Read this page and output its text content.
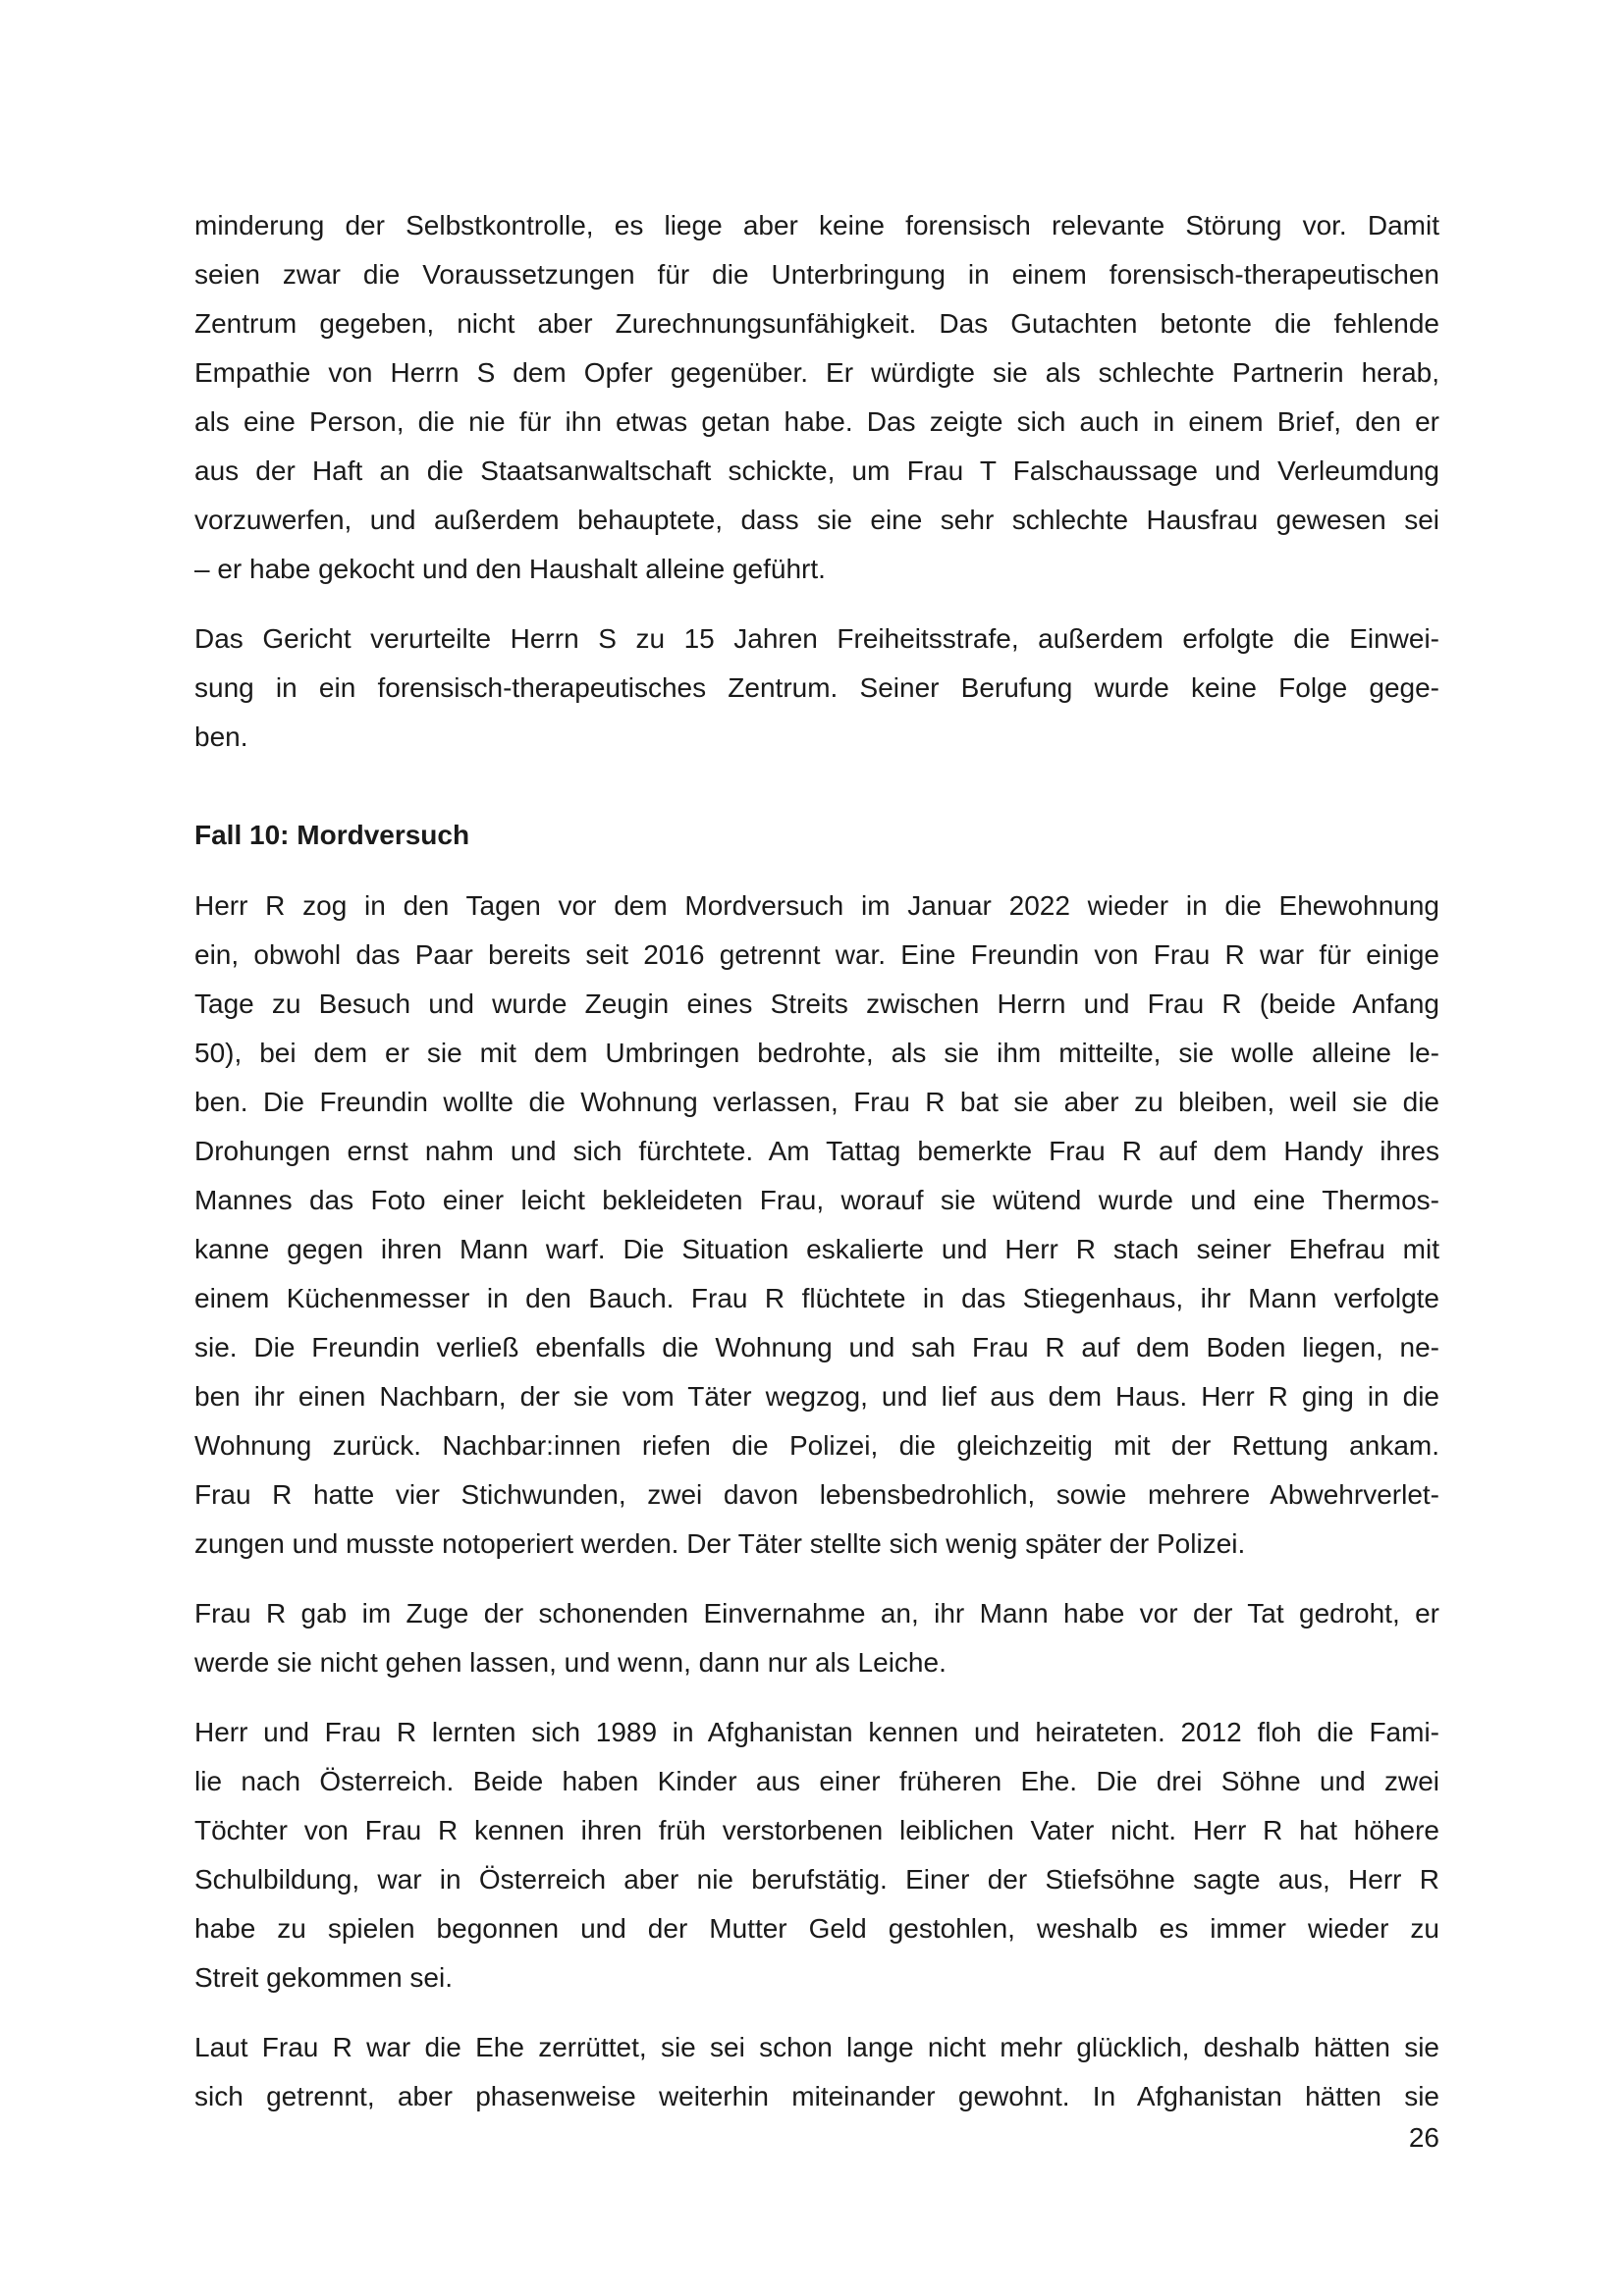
minderung der Selbstkontrolle, es liege aber keine forensisch relevante Störung vor. Damit
seien zwar die Voraussetzungen für die Unterbringung in einem forensisch-therapeutischen
Zentrum gegeben, nicht aber Zurechnungsunfähigkeit. Das Gutachten betonte die fehlende
Empathie von Herrn S dem Opfer gegenüber. Er würdigte sie als schlechte Partnerin herab,
als eine Person, die nie für ihn etwas getan habe. Das zeigte sich auch in einem Brief, den er
aus der Haft an die Staatsanwaltschaft schickte, um Frau T Falschaussage und Verleumdung
vorzuwerfen, und außerdem behauptete, dass sie eine sehr schlechte Hausfrau gewesen sei
– er habe gekocht und den Haushalt alleine geführt.

Das Gericht verurteilte Herrn S zu 15 Jahren Freiheitsstrafe, außerdem erfolgte die Einwei-
sung in ein forensisch-therapeutisches Zentrum. Seiner Berufung wurde keine Folge gege-
ben.

Fall 10: Mordversuch

Herr R zog in den Tagen vor dem Mordversuch im Januar 2022 wieder in die Ehewohnung
ein, obwohl das Paar bereits seit 2016 getrennt war. Eine Freundin von Frau R war für einige
Tage zu Besuch und wurde Zeugin eines Streits zwischen Herrn und Frau R (beide Anfang
50), bei dem er sie mit dem Umbringen bedrohte, als sie ihm mitteilte, sie wolle alleine le-
ben. Die Freundin wollte die Wohnung verlassen, Frau R bat sie aber zu bleiben, weil sie die
Drohungen ernst nahm und sich fürchtete. Am Tattag bemerkte Frau R auf dem Handy ihres
Mannes das Foto einer leicht bekleideten Frau, worauf sie wütend wurde und eine Thermos-
kanne gegen ihren Mann warf. Die Situation eskalierte und Herr R stach seiner Ehefrau mit
einem Küchenmesser in den Bauch. Frau R flüchtete in das Stiegenhaus, ihr Mann verfolgte
sie. Die Freundin verließ ebenfalls die Wohnung und sah Frau R auf dem Boden liegen, ne-
ben ihr einen Nachbarn, der sie vom Täter wegzog, und lief aus dem Haus. Herr R ging in die
Wohnung zurück. Nachbar:innen riefen die Polizei, die gleichzeitig mit der Rettung ankam.
Frau R hatte vier Stichwunden, zwei davon lebensbedrohlich, sowie mehrere Abwehrverlet-
zungen und musste notoperiert werden. Der Täter stellte sich wenig später der Polizei.

Frau R gab im Zuge der schonenden Einvernahme an, ihr Mann habe vor der Tat gedroht, er
werde sie nicht gehen lassen, und wenn, dann nur als Leiche.

Herr und Frau R lernten sich 1989 in Afghanistan kennen und heirateten. 2012 floh die Fami-
lie nach Österreich. Beide haben Kinder aus einer früheren Ehe. Die drei Söhne und zwei
Töchter von Frau R kennen ihren früh verstorbenen leiblichen Vater nicht. Herr R hat höhere
Schulbildung, war in Österreich aber nie berufstätig. Einer der Stiefsöhne sagte aus, Herr R
habe zu spielen begonnen und der Mutter Geld gestohlen, weshalb es immer wieder zu
Streit gekommen sei.

Laut Frau R war die Ehe zerrüttet, sie sei schon lange nicht mehr glücklich, deshalb hätten sie
sich getrennt, aber phasenweise weiterhin miteinander gewohnt. In Afghanistan hätten sie

26
